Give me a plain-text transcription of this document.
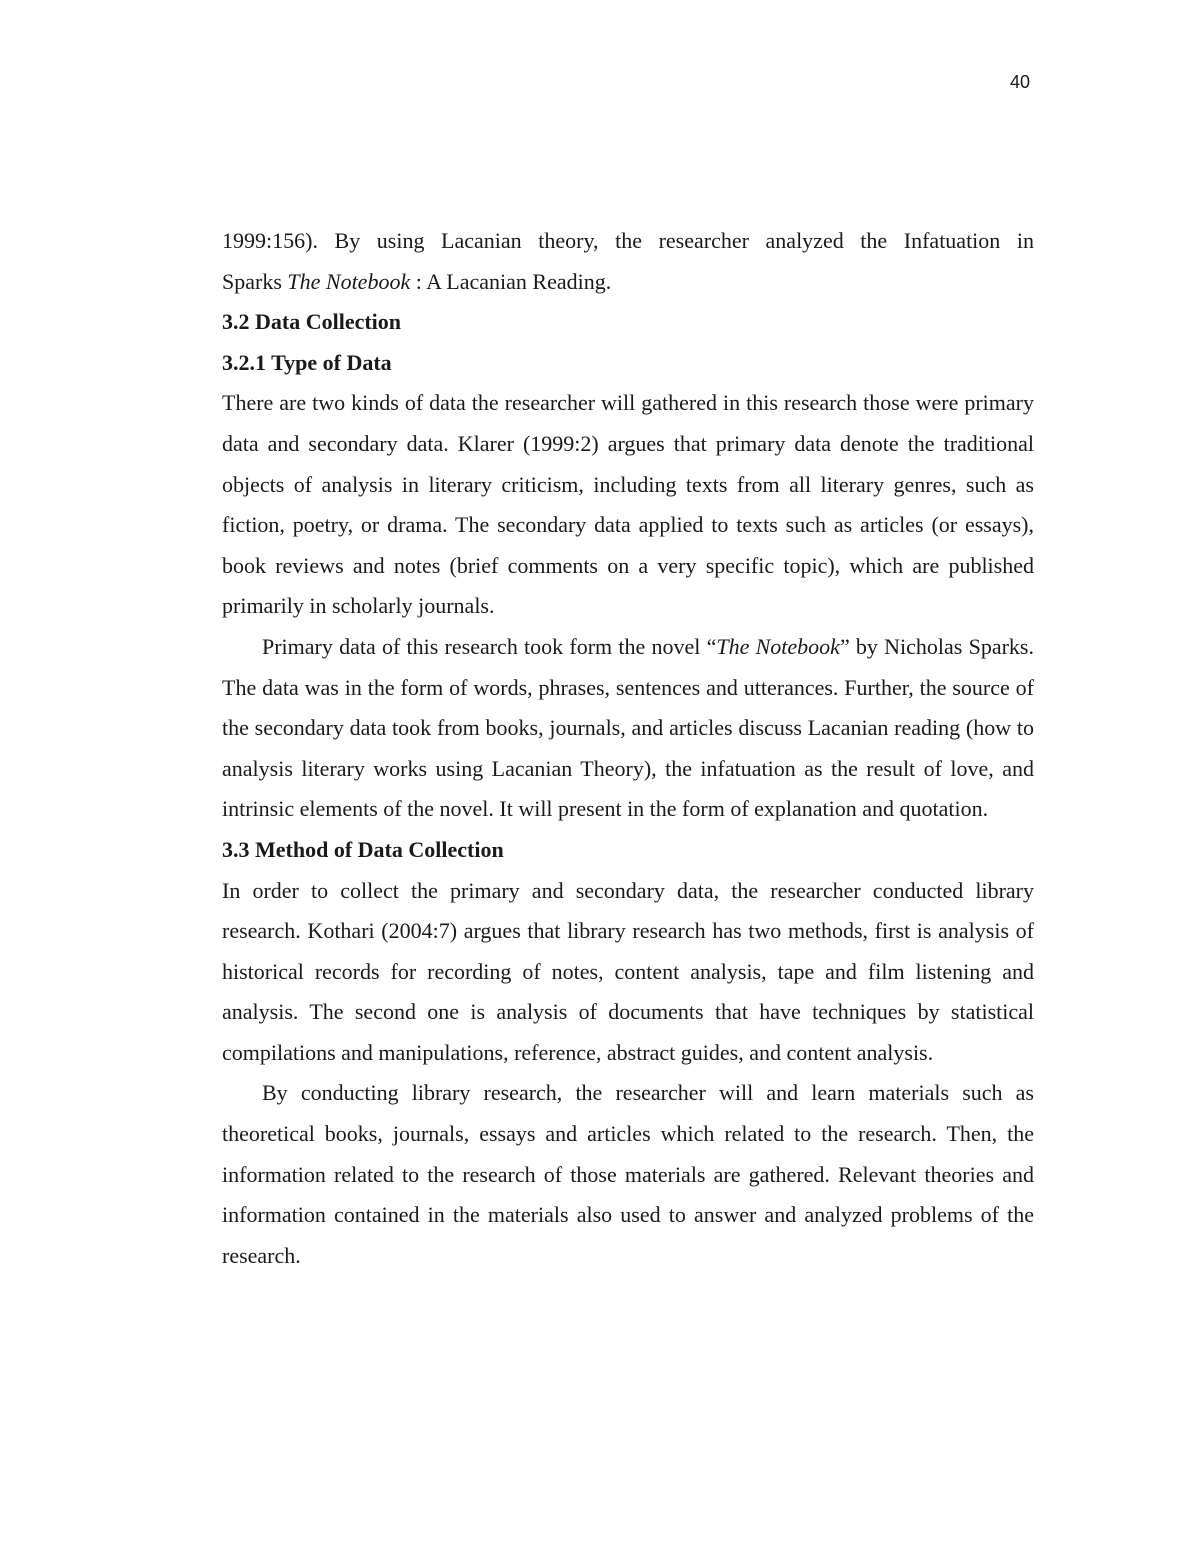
40

1999:156). By using Lacanian theory, the researcher analyzed the Infatuation in

Sparks The Notebook : A Lacanian Reading.

3.2 Data Collection
3.2.1 Type of Data

There are two kinds of data the researcher will gathered in this research those were primary data and secondary data. Klarer (1999:2) argues that primary data denote the traditional objects of analysis in literary criticism, including texts from all literary genres, such as fiction, poetry, or drama. The secondary data applied to texts such as articles (or essays), book reviews and notes (brief comments on a very specific topic), which are published primarily in scholarly journals.

Primary data of this research took form the novel “The Notebook” by Nicholas Sparks. The data was in the form of words, phrases, sentences and utterances. Further, the source of the secondary data took from books, journals, and articles discuss Lacanian reading (how to analysis literary works using Lacanian Theory), the infatuation as the result of love, and intrinsic elements of the novel. It will present in the form of explanation and quotation.

3.3 Method of Data Collection

In order to collect the primary and secondary data, the researcher conducted library research. Kothari (2004:7) argues that library research has two methods, first is analysis of historical records for recording of notes, content analysis, tape and film listening and analysis. The second one is analysis of documents that have techniques by statistical compilations and manipulations, reference, abstract guides, and content analysis.

By conducting library research, the researcher will and learn materials such as theoretical books, journals, essays and articles which related to the research. Then, the information related to the research of those materials are gathered. Relevant theories and information contained in the materials also used to answer and analyzed problems of the research.
